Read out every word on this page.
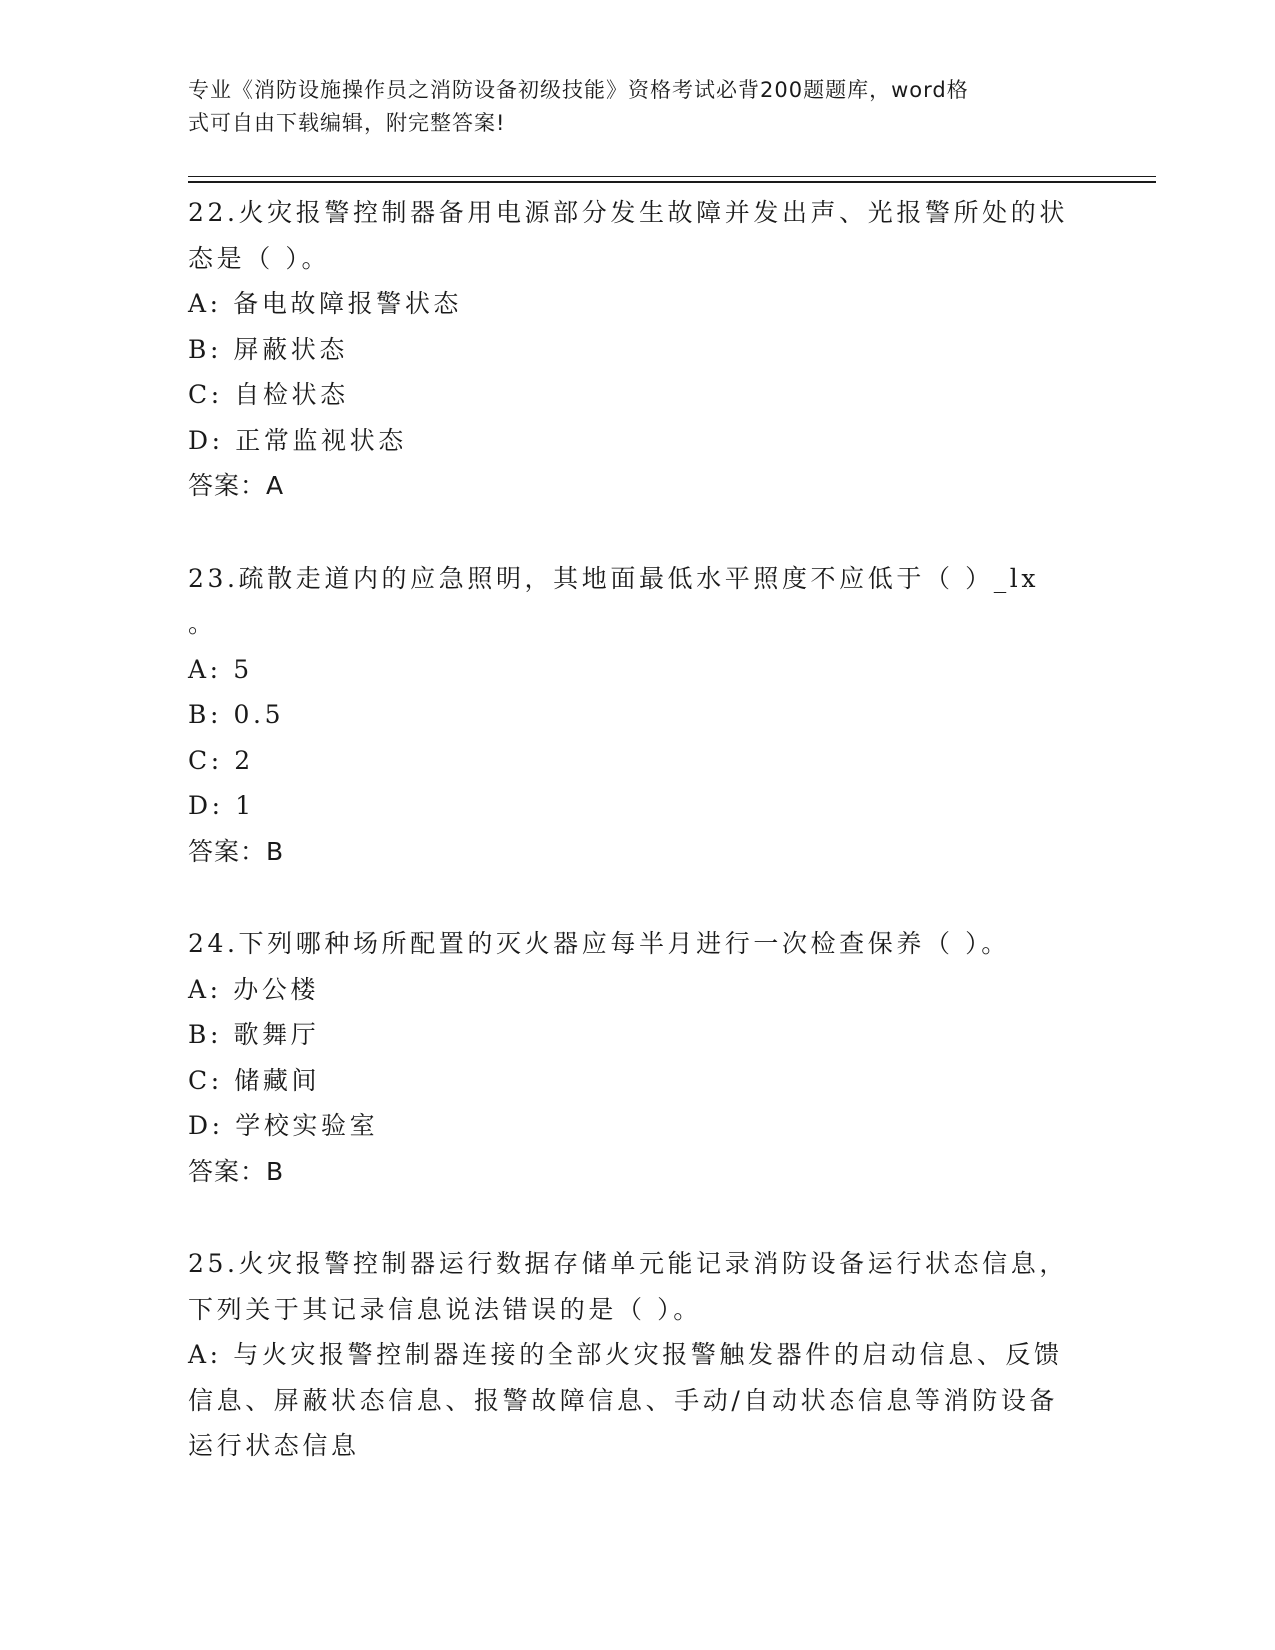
专业《消防设施操作员之消防设备初级技能》资格考试必背200题题库，word格
式可自由下载编辑，附完整答案!
22.火灾报警控制器备用电源部分发生故障并发出声、光报警所处的状
态是（ ）。
A: 备电故障报警状态
B: 屏蔽状态
C: 自检状态
D: 正常监视状态
答案：A
23.疏散走道内的应急照明，其地面最低水平照度不应低于（ ）_lx
。
A: 5
B: 0.5
C: 2
D: 1
答案：B
24.下列哪种场所配置的灭火器应每半月进行一次检查保养（ ）。
A: 办公楼
B: 歌舞厅
C: 储藏间
D: 学校实验室
答案：B
25.火灾报警控制器运行数据存储单元能记录消防设备运行状态信息，
下列关于其记录信息说法错误的是（ ）。
A: 与火灾报警控制器连接的全部火灾报警触发器件的启动信息、反馈
信息、屏蔽状态信息、报警故障信息、手动/自动状态信息等消防设备
运行状态信息
